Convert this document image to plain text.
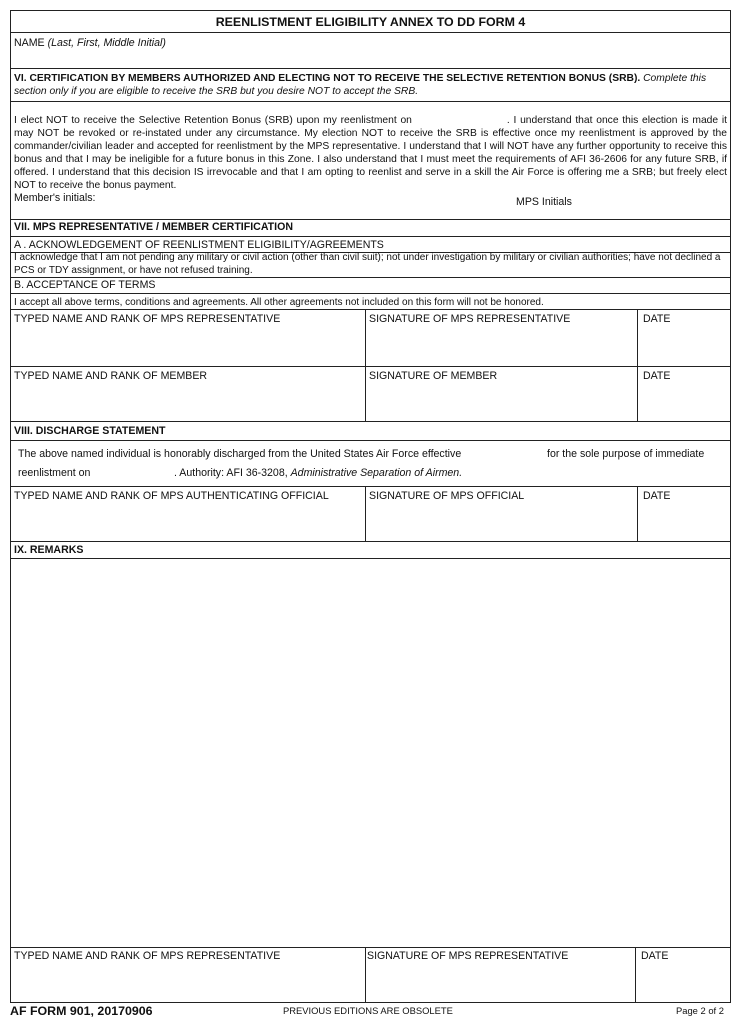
REENLISTMENT ELIGIBILITY ANNEX TO DD FORM 4
NAME (Last, First, Middle Initial)
VI. CERTIFICATION BY MEMBERS AUTHORIZED AND ELECTING NOT TO RECEIVE THE SELECTIVE RETENTION BONUS (SRB). Complete this section only if you are eligible to receive the SRB but you desire NOT to accept the SRB.
I elect NOT to receive the Selective Retention Bonus (SRB) upon my reenlistment on	. I understand that once this election is made it may NOT be revoked or re-instated under any circumstance. My election NOT to receive the SRB is effective once my reenlistment is approved by the commander/civilian leader and accepted for reenlistment by the MPS representative. I understand that I will NOT have any further opportunity to receive this bonus and that I may be ineligible for a future bonus in this Zone. I also understand that I must meet the requirements of AFI 36-2606 for any future SRB, if offered. I understand that this decision IS irrevocable and that I am opting to reenlist and serve in a skill the Air Force is offering me a SRB; but freely elect NOT to receive the bonus payment.
Member's initials:	MPS Initials
VII. MPS REPRESENTATIVE / MEMBER CERTIFICATION
A . ACKNOWLEDGEMENT OF REENLISTMENT ELIGIBILITY/AGREEMENTS
I acknowledge that I am not pending any military or civil action (other than civil suit); not under investigation by military or civilian authorities; have not declined a PCS or TDY assignment, or have not refused training.
B. ACCEPTANCE OF TERMS
I accept all above terms, conditions and agreements. All other agreements not included on this form will not be honored.
TYPED NAME AND RANK OF MPS REPRESENTATIVE	SIGNATURE OF MPS REPRESENTATIVE	DATE
TYPED NAME AND RANK OF MEMBER	SIGNATURE OF MEMBER	DATE
VIII. DISCHARGE STATEMENT
The above named individual is honorably discharged from the United States Air Force effective	for the sole purpose of immediate
reenlistment on	. Authority: AFI 36-3208, Administrative Separation of Airmen.
TYPED NAME AND RANK OF MPS AUTHENTICATING OFFICIAL	SIGNATURE OF MPS OFFICIAL	DATE
IX. REMARKS
TYPED NAME AND RANK OF MPS REPRESENTATIVE	SIGNATURE OF MPS REPRESENTATIVE	DATE
AF FORM 901, 20170906	PREVIOUS EDITIONS ARE OBSOLETE	Page 2 of 2
